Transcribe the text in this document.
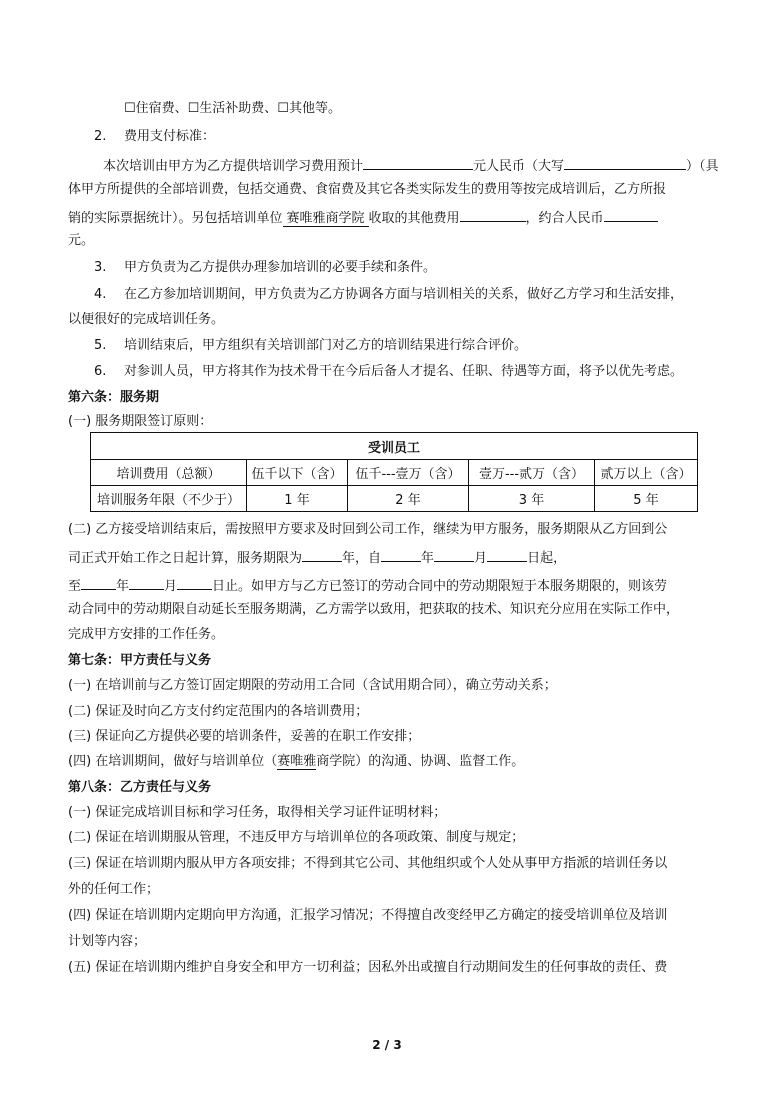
☐住宿费、☐生活补助费、☐其他等。
2. 费用支付标准：
本次培训由甲方为乙方提供培训学习费用预计	元人民币（大写	）（具
体甲方所提供的全部培训费，包括交通费、食宿费及其它各类实际发生的费用等按完成培训后，乙方所报
销的实际票据统计）。另包括培训单位 赛唯雅商学院 收取的其他费用	，约合人民币
元。
3. 甲方负责为乙方提供办理参加培训的必要手续和条件。
4. 在乙方参加培训期间，甲方负责为乙方协调各方面与培训相关的关系，做好乙方学习和生活安排，
以便很好的完成培训任务。
5. 培训结束后，甲方组织有关培训部门对乙方的培训结果进行综合评价。
6. 对参训人员，甲方将其作为技术骨干在今后后备人才提名、任职、待遇等方面，将予以优先考虑。
第六条：服务期
(一) 服务期限签订原则：
受训员工				
培训费用（总额）	伍千以下（含）	伍千---壹万（含）	壹万---贰万（含）	贰万以上（含）
培训服务年限（不少于）	1 年	2 年	3 年	5 年
(二) 乙方接受培训结束后，需按照甲方要求及时回到公司工作，继续为甲方服务，服务期限从乙方回到公
司正式开始工作之日起计算，服务期限为	年，自	年	月	日起，
至	年	月	日止。如甲方与乙方已签订的劳动合同中的劳动期限短于本服务期限的，则该劳
动合同中的劳动期限自动延长至服务期满，乙方需学以致用，把获取的技术、知识充分应用在实际工作中，
完成甲方安排的工作任务。
第七条：甲方责任与义务
(一) 在培训前与乙方签订固定期限的劳动用工合同（含试用期合同），确立劳动关系；
(二) 保证及时向乙方支付约定范围内的各培训费用；
(三) 保证向乙方提供必要的培训条件，妥善的在职工作安排；
(四) 在培训期间，做好与培训单位（赛唯雅商学院）的沟通、协调、监督工作。
第八条：乙方责任与义务
(一) 保证完成培训目标和学习任务，取得相关学习证件证明材料；
(二) 保证在培训期服从管理，不违反甲方与培训单位的各项政策、制度与规定；
(三) 保证在培训期内服从甲方各项安排；不得到其它公司、其他组织或个人处从事甲方指派的培训任务以
外的任何工作；
(四) 保证在培训期内定期向甲方沟通，汇报学习情况；不得擅自改变经甲乙方确定的接受培训单位及培训
计划等内容；
(五) 保证在培训期内维护自身安全和甲方一切利益；因私外出或擅自行动期间发生的任何事故的责任、费
2 / 3
